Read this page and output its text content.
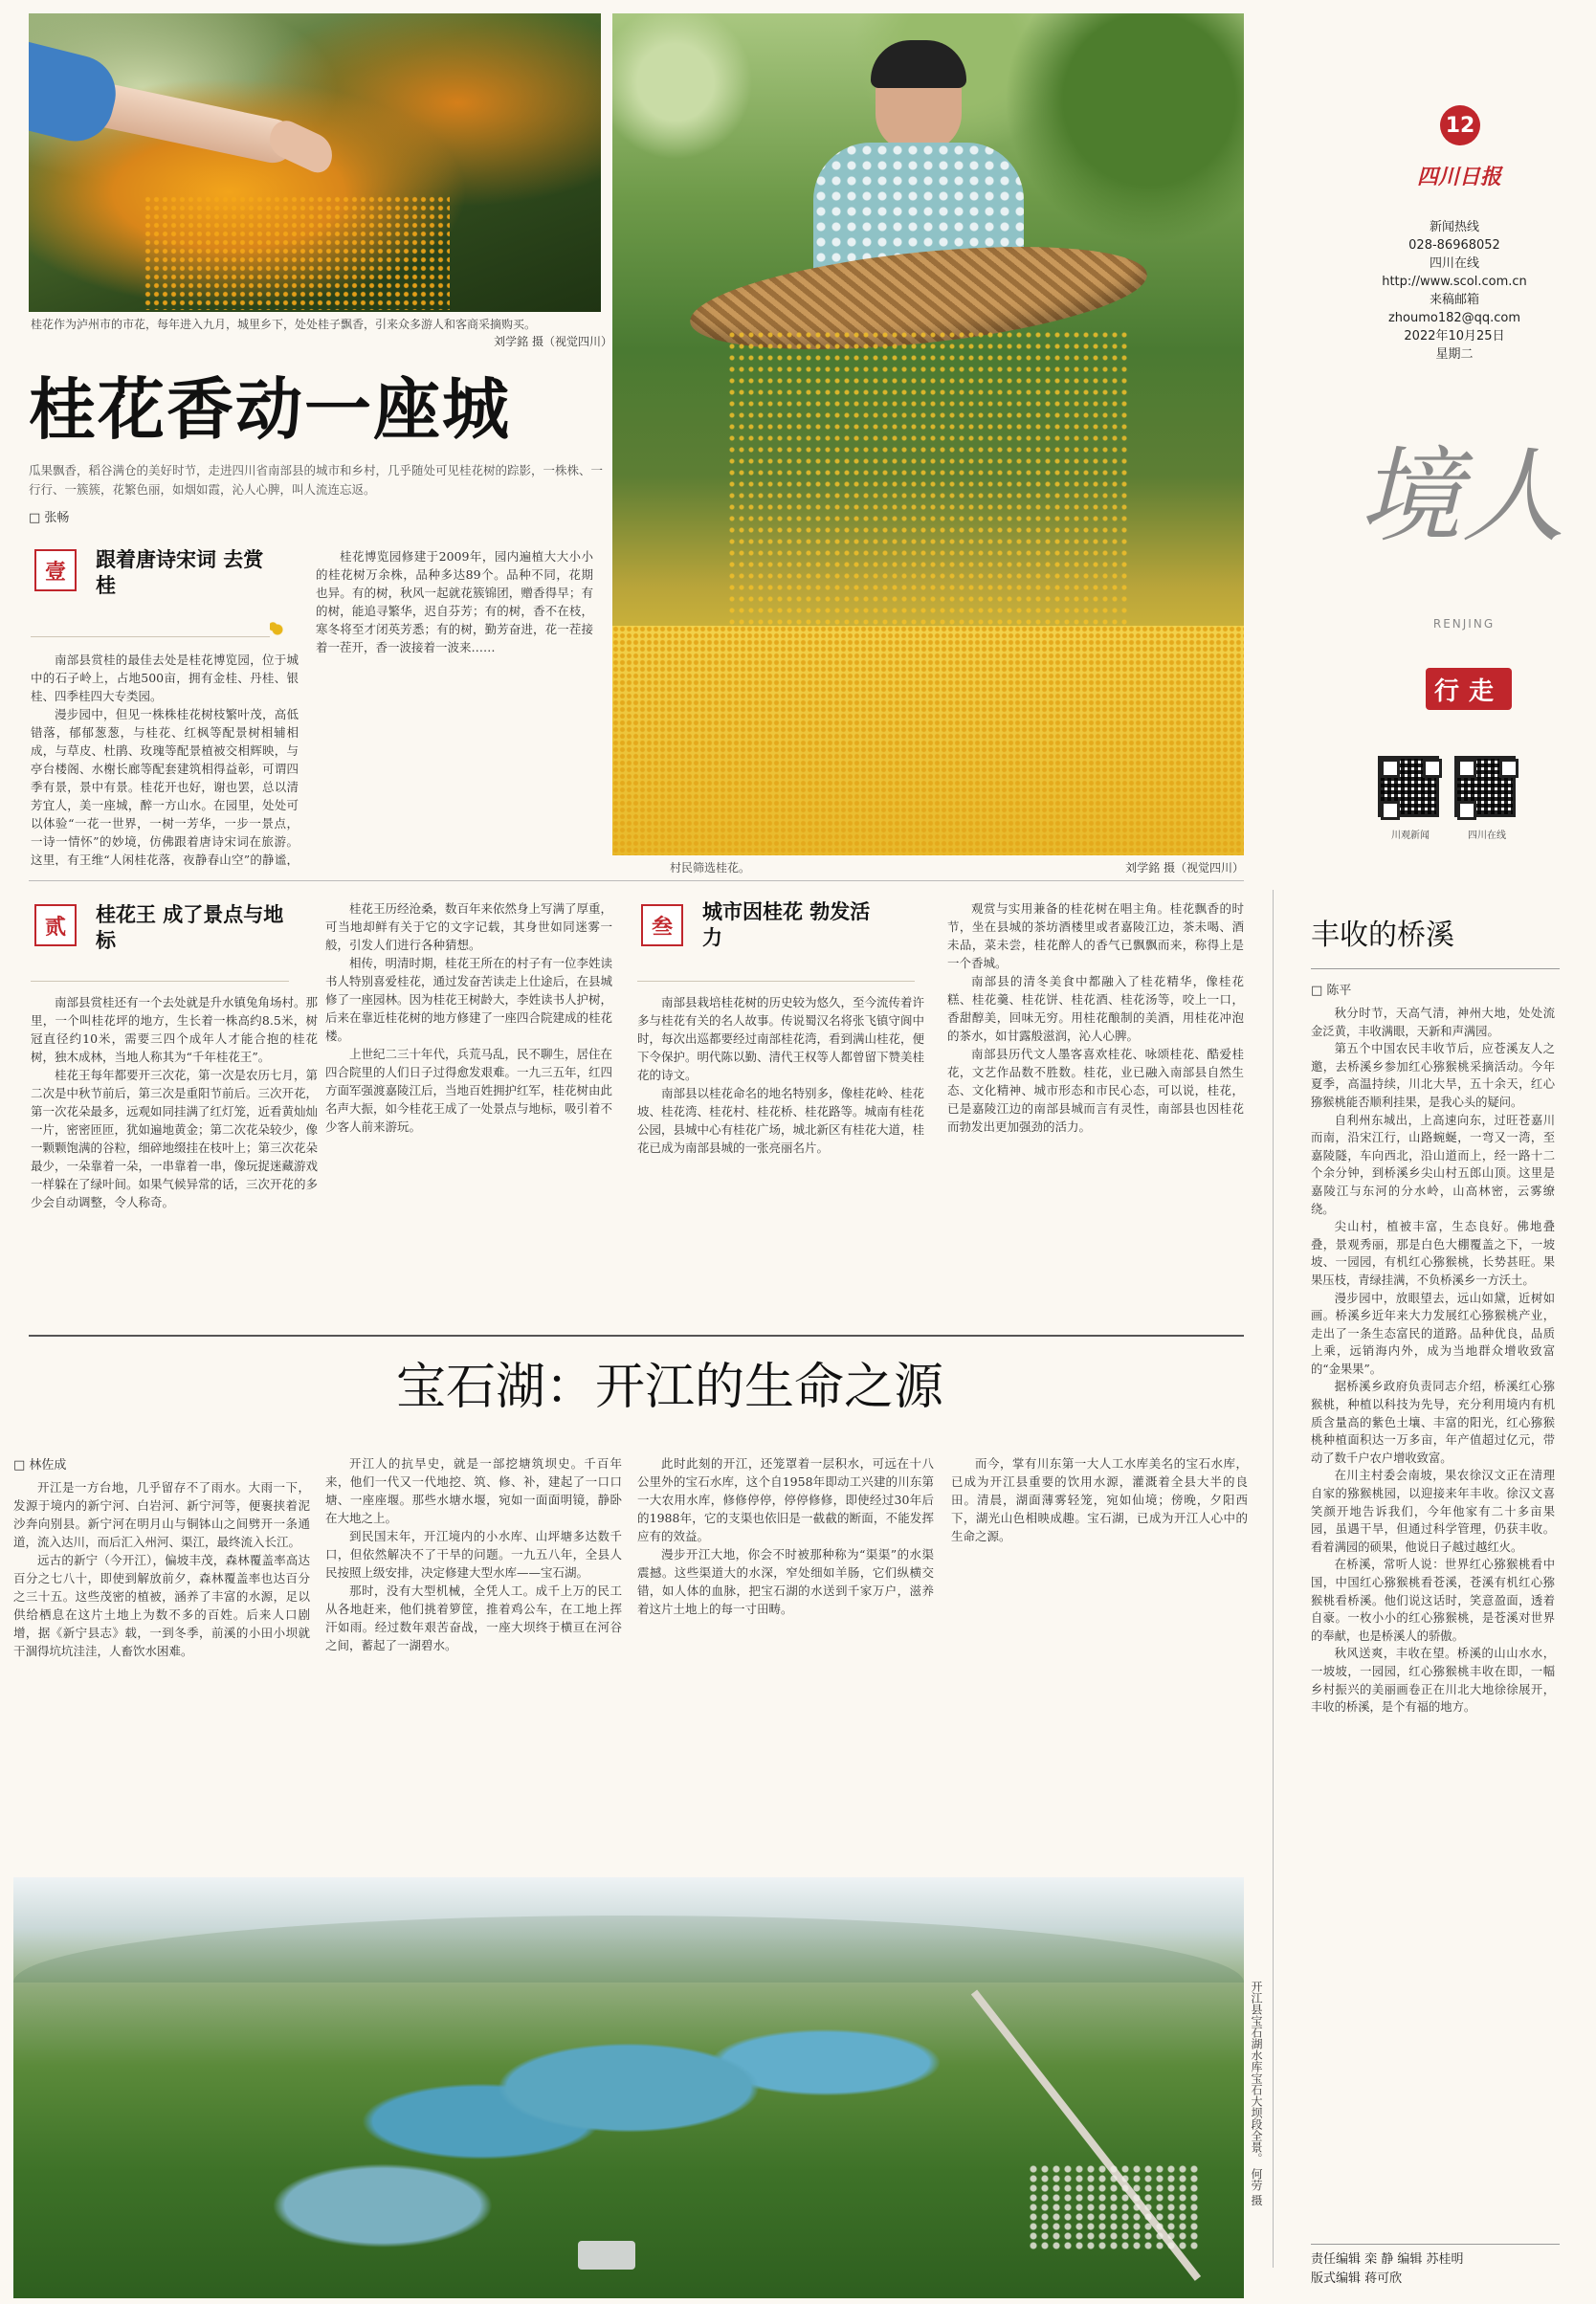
12
四川日报
新闻热线
028-86968052
四川在线
http://www.scol.com.cn
来稿邮箱
zhoumo182@qq.com
2022年10月25日
星期二
人境
RENJING
行走
川观新闻	四川在线
桂花作为泸州市的市花，每年进入九月，城里乡下，处处桂子飘香，引来众多游人和客商采摘购买。
刘学銘 摄（视觉四川）
村民筛选桂花。	刘学銘 摄（视觉四川）
桂花香动一座城
瓜果飘香，稻谷满仓的美好时节，走进四川省南部县的城市和乡村，几乎随处可见桂花树的踪影，一株株、一行行、一簇簇，花繁色丽，如烟如霞，沁人心脾，叫人流连忘返。
□ 张畅
壹 跟着唐诗宋词 去赏桂

南部县赏桂的最佳去处是桂花博览园，位于城中的石子岭上，占地500亩，拥有金桂、丹桂、银桂、四季桂四大专类园。

漫步园中，但见一株株桂花树枝繁叶茂，高低错落，郁郁葱葱，与桂花、红枫等配景树相辅相成，与草皮、杜鹃、玫瑰等配景植被交相辉映，与亭台楼阁、水榭长廊等配套建筑相得益彰，可谓四季有景，景中有景。桂花开也好，谢也罢，总以清芳宜人，美一座城，醉一方山水。在园里，处处可以体验“一花一世界，一树一芳华，一步一景点，一诗一情怀”的妙境，仿佛跟着唐诗宋词在旅游。这里，有王维“人闲桂花落，夜静春山空”的静谧，

桂花博览园修建于2009年，园内遍植大大小小的桂花树万余株，品种多达89个。品种不同，花期也异。有的树，秋风一起就花簇锦团，赠香得早；有的树，能追寻繁华，迟自芬芳；有的树，香不在枝，寒冬将至才闭英芳悉；有的树，勤芳奋进，花一茬接着一茬开，香一波接着一波来……

贰 桂花王 成了景点与地标

南部县赏桂还有一个去处就是升水镇兔角场村。那里，一个叫桂花坪的地方，生长着一株高约8.5米，树冠直径约10米，需要三四个成年人才能合抱的桂花树，独木成林，当地人称其为“千年桂花王”。

桂花王每年都要开三次花，第一次是农历七月，第二次是中秋节前后，第三次是重阳节前后。三次开花，第一次花朵最多，远观如同挂满了红灯笼，近看黄灿灿一片，密密匝匝，犹如遍地黄金；第二次花朵较少，像一颗颗饱满的谷粒，细碎地缀挂在枝叶上；第三次花朵最少，一朵靠着一朵，一串靠着一串，像玩捉迷藏游戏一样躲在了绿叶间。如果气候异常的话，三次开花的多少会自动调整，令人称奇。

桂花王历经沧桑，数百年来依然身上写满了厚重，可当地却鲜有关于它的文字记载，其身世如同迷雾一般，引发人们进行各种猜想。

相传，明清时期，桂花王所在的村子有一位李姓读书人特别喜爱桂花，通过发奋苦读走上仕途后，在县城修了一座园林。因为桂花王树龄大，李姓读书人护树，后来在靠近桂花树的地方修建了一座四合院建成的桂花楼。

上世纪二三十年代，兵荒马乱，民不聊生，居住在四合院里的人们日子过得愈发艰难。一九三五年，红四方面军强渡嘉陵江后，当地百姓拥护红军，桂花树由此名声大振，如今桂花王成了一处景点与地标，吸引着不少客人前来游玩。

叁
城市因桂花 勃发活力

南部县栽培桂花树的历史较为悠久，至今流传着许多与桂花有关的名人故事。传说蜀汉名将张飞镇守阆中时，每次出巡都要经过南部桂花湾，看到满山桂花，便下令保护。明代陈以勤、清代王权等人都曾留下赞美桂花的诗文。

南部县以桂花命名的地名特别多，像桂花岭、桂花坡、桂花湾、桂花村、桂花桥、桂花路等。城南有桂花公园，县城中心有桂花广场，城北新区有桂花大道，桂花已成为南部县城的一张亮丽名片。

观赏与实用兼备的桂花树在唱主角。桂花飘香的时节，坐在县城的茶坊酒楼里或者嘉陵江边，茶未喝、酒未品，菜未尝，桂花醉人的香气已飘飘而来，称得上是一个香城。

南部县的清冬美食中都融入了桂花精华，像桂花糕、桂花羹、桂花饼、桂花酒、桂花汤等，咬上一口，香甜醇美，回味无穷。用桂花酿制的美酒，用桂花冲泡的茶水，如甘露般滋润，沁人心脾。

南部县历代文人墨客喜欢桂花、咏颂桂花、酷爱桂花，文艺作品数不胜数。桂花，业已融入南部县自然生态、文化精神、城市形态和市民心态，可以说，桂花，已是嘉陵江边的南部县城而言有灵性，南部县也因桂花而勃发出更加强劲的活力。

宝石湖：开江的生命之源
□ 林佐成

开江是一方台地，几乎留存不了雨水。大雨一下，发源于境内的新宁河、白岩河、新宁河等，便裹挟着泥沙奔向别县。新宁河在明月山与铜钵山之间劈开一条通道，流入达川，而后汇入州河、渠江，最终流入长江。

远古的新宁（今开江），偏坡丰茂，森林覆盖率高达百分之七八十，即使到解放前夕，森林覆盖率也达百分之三十五。这些茂密的植被，涵养了丰富的水源，足以供给栖息在这片土地上为数不多的百姓。后来人口剧增，据《新宁县志》载，一到冬季，前溪的小田小坝就干涸得坑坑洼洼，人畜饮水困难。

开江人的抗旱史，就是一部挖塘筑坝史。千百年来，他们一代又一代地挖、筑、修、补，建起了一口口塘、一座座堰。那些水塘水堰，宛如一面面明镜，静卧在大地之上。

到民国末年，开江境内的小水库、山坪塘多达数千口，但依然解决不了干旱的问题。一九五八年，全县人民按照上级安排，决定修建大型水库——宝石湖。

那时，没有大型机械，全凭人工。成千上万的民工从各地赶来，他们挑着箩筐，推着鸡公车，在工地上挥汗如雨。经过数年艰苦奋战，一座大坝终于横亘在河谷之间，蓄起了一湖碧水。

此时此刻的开江，还笼罩着一层积水，可远在十八公里外的宝石水库，这个自1958年即动工兴建的川东第一大农用水库，修修停停，停停修修，即使经过30年后的1988年，它的支渠也依旧是一截截的断面，不能发挥应有的效益。

漫步开江大地，你会不时被那种称为“渠渠”的水渠震撼。这些渠道大的水深，窄处细如羊肠，它们纵横交错，如人体的血脉，把宝石湖的水送到千家万户，滋养着这片土地上的每一寸田畴。

而今，掌有川东第一大人工水库美名的宝石水库，已成为开江县重要的饮用水源，灌溉着全县大半的良田。清晨，湖面薄雾轻笼，宛如仙境；傍晚，夕阳西下，湖光山色相映成趣。宝石湖，已成为开江人心中的生命之源。

开江县宝石湖水库宝石大坝段全景。 何劳 摄
丰收的桥溪
□ 陈平

秋分时节，天高气清，神州大地，处处流金泛黄，丰收满眼，天新和声满园。

第五个中国农民丰收节后，应苍溪友人之邀，去桥溪乡参加红心猕猴桃采摘活动。今年夏季，高温持续，川北大旱，五十余天，红心猕猴桃能否顺利挂果，是我心头的疑问。

自利州东城出，上高速向东，过旺苍嘉川而南，沿宋江行，山路蜿蜒，一弯又一湾，至嘉陵隧，车向西北，沿山道而上，经一路十二个余分钟，到桥溪乡尖山村五郎山顶。这里是嘉陵江与东河的分水岭，山高林密，云雾缭绕。

尖山村，植被丰富，生态良好。佛地叠叠，景观秀丽，那是白色大棚覆盖之下，一坡坡、一园园，有机红心猕猴桃，长势甚旺。果果压枝，青绿挂满，不负桥溪乡一方沃土。

漫步园中，放眼望去，远山如黛，近树如画。桥溪乡近年来大力发展红心猕猴桃产业，走出了一条生态富民的道路。品种优良，品质上乘，远销海内外，成为当地群众增收致富的“金果果”。

据桥溪乡政府负责同志介绍，桥溪红心猕猴桃，种植以科技为先导，充分利用境内有机质含量高的紫色土壤、丰富的阳光，红心猕猴桃种植面积达一万多亩，年产值超过亿元，带动了数千户农户增收致富。

在川主村委会南坡，果农徐汉文正在清理自家的猕猴桃园，以迎接来年丰收。徐汉文喜笑颜开地告诉我们，今年他家有二十多亩果园，虽遇干旱，但通过科学管理，仍获丰收。看着满园的硕果，他说日子越过越红火。

在桥溪，常听人说：世界红心猕猴桃看中国，中国红心猕猴桃看苍溪，苍溪有机红心猕猴桃看桥溪。他们说这话时，笑意盈面，透着自豪。一枚小小的红心猕猴桃，是苍溪对世界的奉献，也是桥溪人的骄傲。

秋风送爽，丰收在望。桥溪的山山水水，一坡坡，一园园，红心猕猴桃丰收在即，一幅乡村振兴的美丽画卷正在川北大地徐徐展开，丰收的桥溪，是个有福的地方。

责任编辑 栾 静 编辑 苏桂明
版式编辑 蒋可欣
